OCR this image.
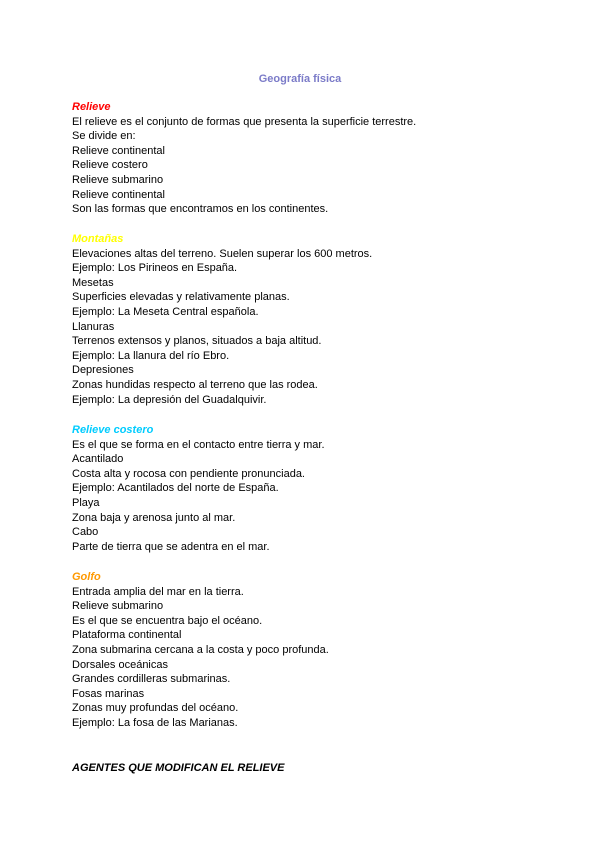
Geografía física
Relieve
El relieve es el conjunto de formas que presenta la superficie terrestre.
Se divide en:
Relieve continental
Relieve costero
Relieve submarino
Relieve continental
Son las formas que encontramos en los continentes.
Montañas
Elevaciones altas del terreno. Suelen superar los 600 metros.
Ejemplo: Los Pirineos en España.
Mesetas
Superficies elevadas y relativamente planas.
Ejemplo: La Meseta Central española.
Llanuras
Terrenos extensos y planos, situados a baja altitud.
Ejemplo: La llanura del río Ebro.
Depresiones
Zonas hundidas respecto al terreno que las rodea.
Ejemplo: La depresión del Guadalquivir.
Relieve costero
Es el que se forma en el contacto entre tierra y mar.
Acantilado
Costa alta y rocosa con pendiente pronunciada.
Ejemplo: Acantilados del norte de España.
Playa
Zona baja y arenosa junto al mar.
Cabo
Parte de tierra que se adentra en el mar.
Golfo
Entrada amplia del mar en la tierra.
Relieve submarino
Es el que se encuentra bajo el océano.
Plataforma continental
Zona submarina cercana a la costa y poco profunda.
Dorsales oceánicas
Grandes cordilleras submarinas.
Fosas marinas
Zonas muy profundas del océano.
Ejemplo: La fosa de las Marianas.
AGENTES QUE MODIFICAN EL RELIEVE
